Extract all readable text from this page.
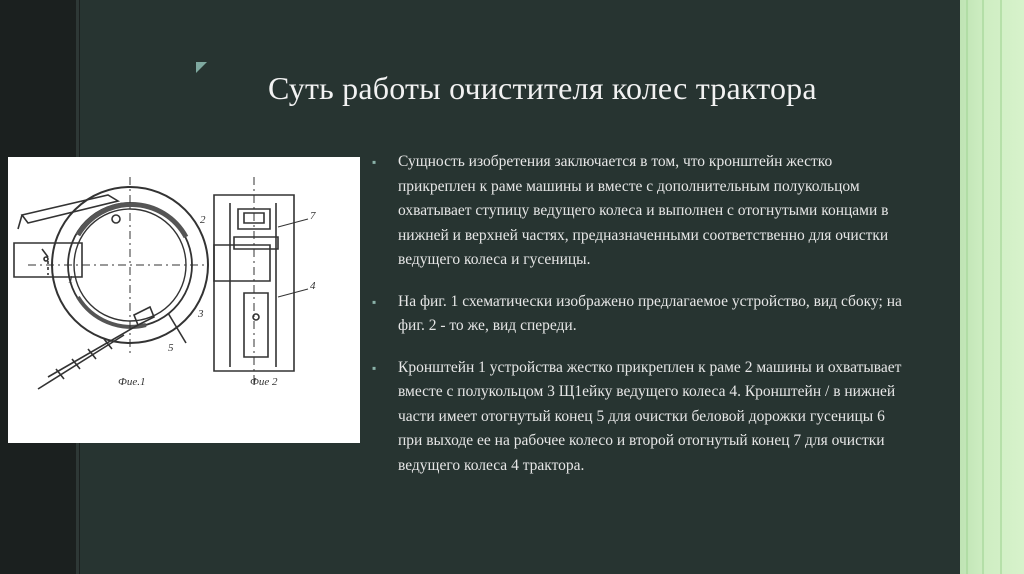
Суть работы очистителя колес трактора
2
1
3
5
7
4
Фие.1	Фие 2
▪ Сущность изобретения заключается в том, что кронштейн жестко прикреплен к раме машины и вместе с дополнительным полукольцом охватывает ступицу ведущего колеса и выполнен с отогнутыми концами в нижней и верхней частях, предназначенными соответственно для очистки ведущего колеса и гусеницы.
▪ На фиг. 1 схематически изображено предлагаемое устройство, вид сбоку; на фиг. 2 - то же, вид спереди.
▪ Кронштейн 1 устройства жестко прикреплен к раме 2 машины и охватывает вместе с полукольцом 3 Щ1ейку ведущего колеса 4. Кронштейн / в нижней части имеет отогнутый конец 5 для очистки беловой дорожки гусеницы 6 при выходе ее на рабочее колесо и второй отогнутый конец 7 для очистки ведущего колеса 4 трактора.
